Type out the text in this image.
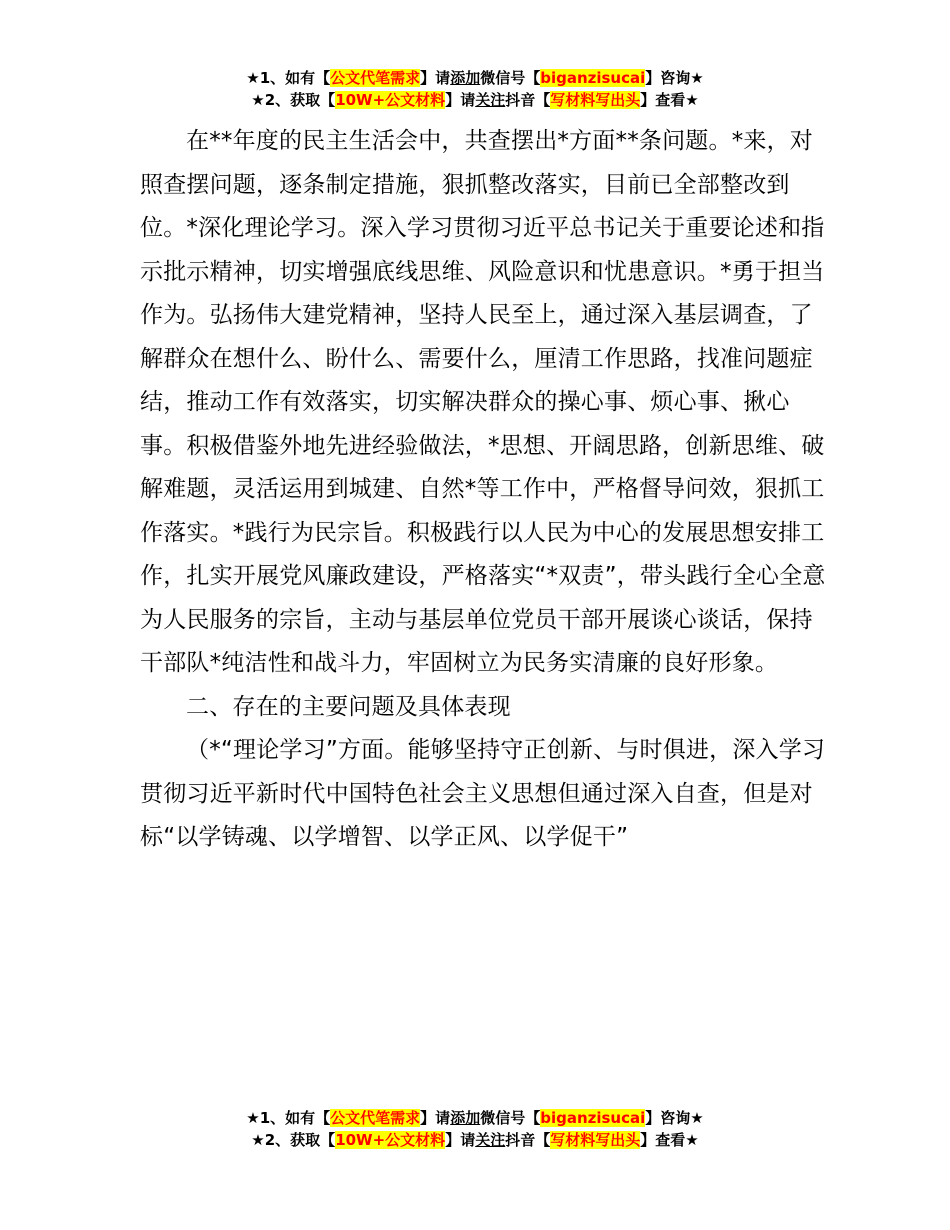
★1、如有【公文代笔需求】请添加微信号【biganzisucai】咨询★
★2、获取【10W+公文材料】请关注抖音【写材料写出头】查看★

在**年度的民主生活会中，共查摆出*方面**条问题。*来，对照查摆问题，逐条制定措施，狠抓整改落实，目前已全部整改到位。*深化理论学习。深入学习贯彻习近平总书记关于重要论述和指示批示精神，切实增强底线思维、风险意识和忧患意识。*勇于担当作为。弘扬伟大建党精神，坚持人民至上，通过深入基层调查，了解群众在想什么、盼什么、需要什么，厘清工作思路，找准问题症结，推动工作有效落实，切实解决群众的操心事、烦心事、揪心事。积极借鉴外地先进经验做法，*思想、开阔思路，创新思维、破解难题，灵活运用到城建、自然*等工作中，严格督导问效，狠抓工作落实。*践行为民宗旨。积极践行以人民为中心的发展思想安排工作，扎实开展党风廉政建设，严格落实“*双责”，带头践行全心全意为人民服务的宗旨，主动与基层单位党员干部开展谈心谈话，保持干部队*纯洁性和战斗力，牢固树立为民务实清廉的良好形象。

二、存在的主要问题及具体表现

（*“理论学习”方面。能够坚持守正创新、与时俱进，深入学习贯彻习近平新时代中国特色社会主义思想但通过深入自查，但是对标“以学铸魂、以学增智、以学正风、以学促干”

★1、如有【公文代笔需求】请添加微信号【biganzisucai】咨询★
★2、获取【10W+公文材料】请关注抖音【写材料写出头】查看★
